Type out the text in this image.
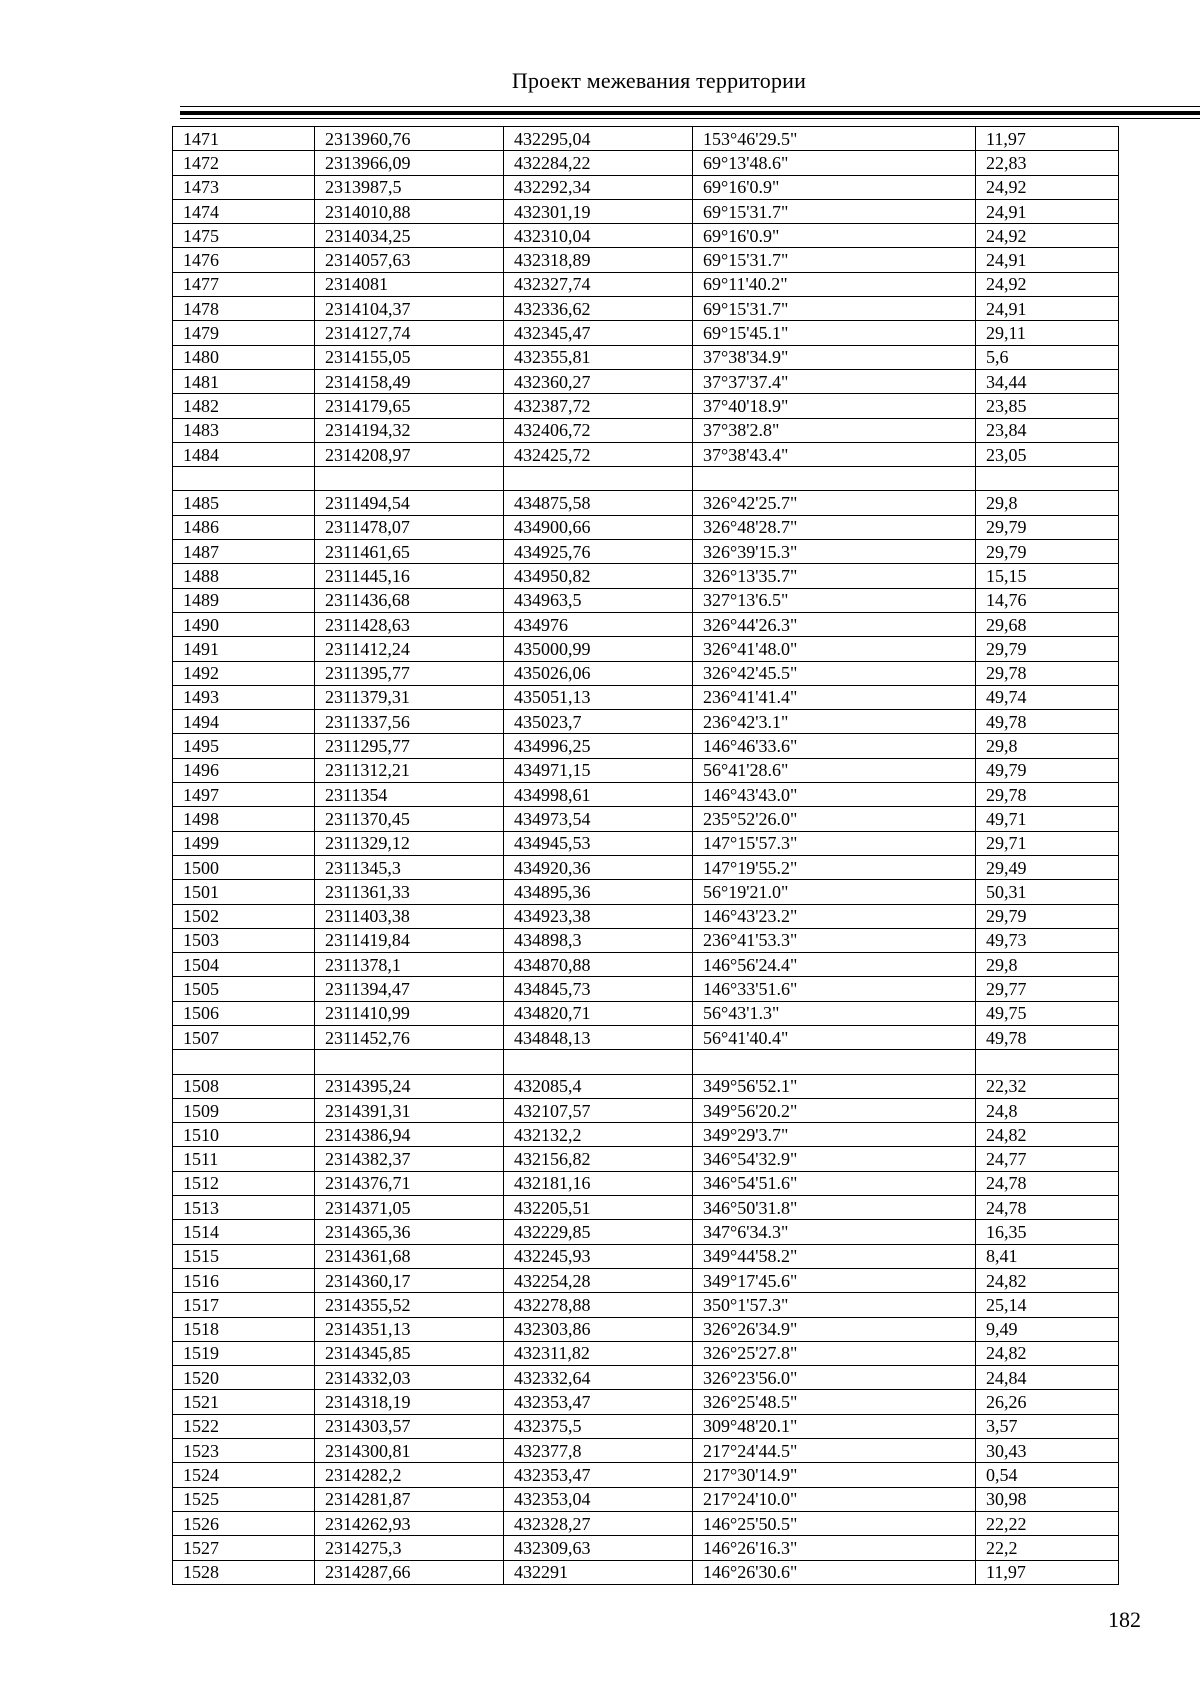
Проект межевания территории
1471	2313960,76	432295,04	153°46'29.5"	11,97
1472	2313966,09	432284,22	69°13'48.6"	22,83
1473	2313987,5	432292,34	69°16'0.9"	24,92
1474	2314010,88	432301,19	69°15'31.7"	24,91
1475	2314034,25	432310,04	69°16'0.9"	24,92
1476	2314057,63	432318,89	69°15'31.7"	24,91
1477	2314081	432327,74	69°11'40.2"	24,92
1478	2314104,37	432336,62	69°15'31.7"	24,91
1479	2314127,74	432345,47	69°15'45.1"	29,11
1480	2314155,05	432355,81	37°38'34.9"	5,6
1481	2314158,49	432360,27	37°37'37.4"	34,44
1482	2314179,65	432387,72	37°40'18.9"	23,85
1483	2314194,32	432406,72	37°38'2.8"	23,84
1484	2314208,97	432425,72	37°38'43.4"	23,05

1485	2311494,54	434875,58	326°42'25.7"	29,8
1486	2311478,07	434900,66	326°48'28.7"	29,79
1487	2311461,65	434925,76	326°39'15.3"	29,79
1488	2311445,16	434950,82	326°13'35.7"	15,15
1489	2311436,68	434963,5	327°13'6.5"	14,76
1490	2311428,63	434976	326°44'26.3"	29,68
1491	2311412,24	435000,99	326°41'48.0"	29,79
1492	2311395,77	435026,06	326°42'45.5"	29,78
1493	2311379,31	435051,13	236°41'41.4"	49,74
1494	2311337,56	435023,7	236°42'3.1"	49,78
1495	2311295,77	434996,25	146°46'33.6"	29,8
1496	2311312,21	434971,15	56°41'28.6"	49,79
1497	2311354	434998,61	146°43'43.0"	29,78
1498	2311370,45	434973,54	235°52'26.0"	49,71
1499	2311329,12	434945,53	147°15'57.3"	29,71
1500	2311345,3	434920,36	147°19'55.2"	29,49
1501	2311361,33	434895,36	56°19'21.0"	50,31
1502	2311403,38	434923,38	146°43'23.2"	29,79
1503	2311419,84	434898,3	236°41'53.3"	49,73
1504	2311378,1	434870,88	146°56'24.4"	29,8
1505	2311394,47	434845,73	146°33'51.6"	29,77
1506	2311410,99	434820,71	56°43'1.3"	49,75
1507	2311452,76	434848,13	56°41'40.4"	49,78

1508	2314395,24	432085,4	349°56'52.1"	22,32
1509	2314391,31	432107,57	349°56'20.2"	24,8
1510	2314386,94	432132,2	349°29'3.7"	24,82
1511	2314382,37	432156,82	346°54'32.9"	24,77
1512	2314376,71	432181,16	346°54'51.6"	24,78
1513	2314371,05	432205,51	346°50'31.8"	24,78
1514	2314365,36	432229,85	347°6'34.3"	16,35
1515	2314361,68	432245,93	349°44'58.2"	8,41
1516	2314360,17	432254,28	349°17'45.6"	24,82
1517	2314355,52	432278,88	350°1'57.3"	25,14
1518	2314351,13	432303,86	326°26'34.9"	9,49
1519	2314345,85	432311,82	326°25'27.8"	24,82
1520	2314332,03	432332,64	326°23'56.0"	24,84
1521	2314318,19	432353,47	326°25'48.5"	26,26
1522	2314303,57	432375,5	309°48'20.1"	3,57
1523	2314300,81	432377,8	217°24'44.5"	30,43
1524	2314282,2	432353,47	217°30'14.9"	0,54
1525	2314281,87	432353,04	217°24'10.0"	30,98
1526	2314262,93	432328,27	146°25'50.5"	22,22
1527	2314275,3	432309,63	146°26'16.3"	22,2
1528	2314287,66	432291	146°26'30.6"	11,97
182
